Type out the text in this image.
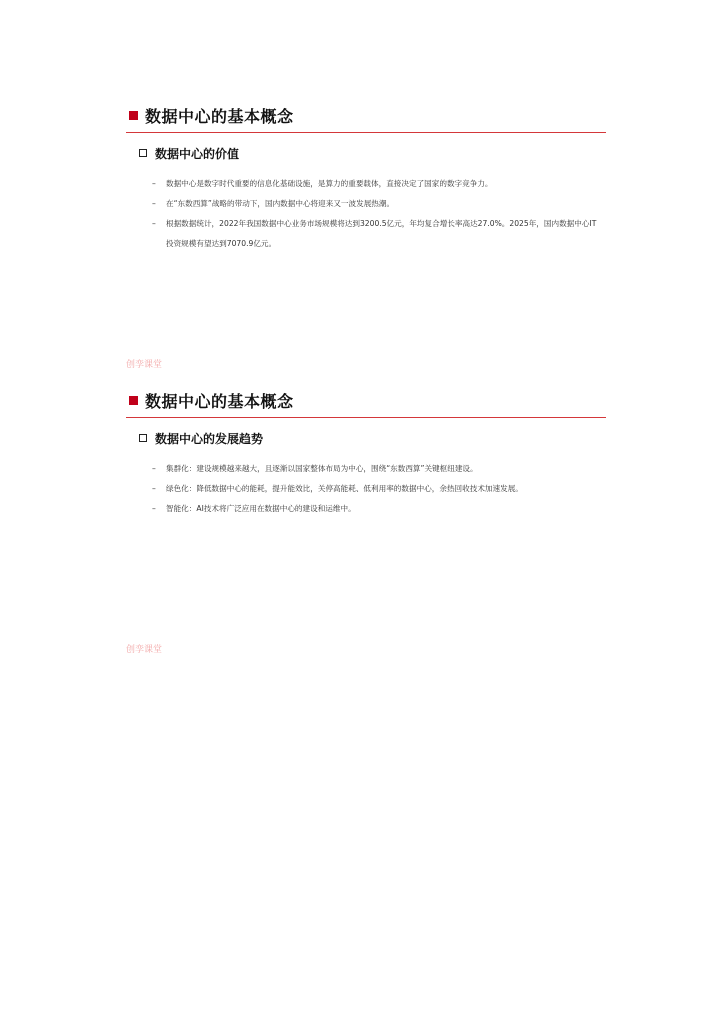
数据中心的基本概念
数据中心的价值
–	数据中心是数字时代重要的信息化基础设施，是算力的重要载体，直接决定了国家的数字竞争力。
–	在“东数西算”战略的带动下，国内数据中心将迎来又一波发展热潮。
–	根据数据统计，2022年我国数据中心业务市场规模将达到3200.5亿元，年均复合增长率高达27.0%。2025年，国内数据中心IT投资规模有望达到7070.9亿元。
创孪课堂
数据中心的基本概念
数据中心的发展趋势
–	集群化：建设规模越来越大，且逐渐以国家整体布局为中心，围绕“东数西算”关键枢纽建设。
–	绿色化：降低数据中心的能耗，提升能效比，关停高能耗、低利用率的数据中心，余热回收技术加速发展。
–	智能化：AI技术将广泛应用在数据中心的建设和运维中。
创孪课堂
